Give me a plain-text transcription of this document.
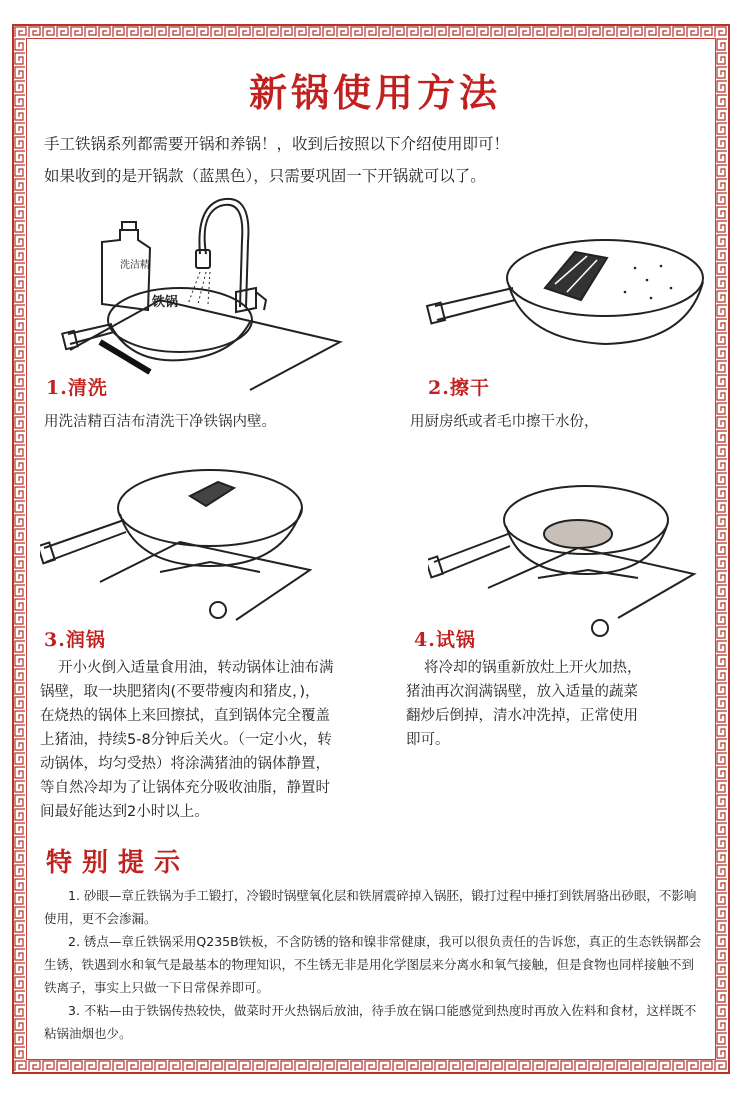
新锅使用方法
手工铁锅系列都需要开锅和养锅！，收到后按照以下介绍使用即可！
如果收到的是开锅款（蓝黑色），只需要巩固一下开锅就可以了。
洗洁精
铁锅
1.清洗	2.擦干
3.润锅	4.试锅
用洗洁精百洁布清洗干净铁锅内壁。	用厨房纸或者毛巾擦干水份，
开小火倒入适量食用油，转动锅体让油布满
锅壁，取一块肥猪肉(不要带瘦肉和猪皮，)，
在烧热的锅体上来回擦拭，直到锅体完全覆盖
上猪油，持续5-8分钟后关火。（一定小火，转
动锅体，均匀受热）将涂满猪油的锅体静置，
等自然冷却为了让锅体充分吸收油脂，静置时
间最好能达到2小时以上。
将冷却的锅重新放灶上开火加热，
猪油再次润满锅壁，放入适量的蔬菜
翻炒后倒掉，清水冲洗掉，正常使用
即可。
特别提示

1. 砂眼—章丘铁锅为手工锻打，冷锻时锅壁氧化层和铁屑震碎掉入锅胚，锻打过程中捶打到铁屑骆出砂眼，不影响使用，更不会渗漏。

2. 锈点—章丘铁锅采用Q235B铁板，不含防锈的铬和镍非常健康，我可以很负责任的告诉您，真正的生态铁锅都会生锈，铁遇到水和氧气是最基本的物理知识，不生锈无非是用化学图层来分离水和氧气接触，但是食物也同样接触不到铁离子，事实上只做一下日常保养即可。

3. 不粘—由于铁锅传热较快，做菜时开火热锅后放油，待手放在锅口能感觉到热度时再放入佐料和食材，这样既不粘锅油烟也少。
